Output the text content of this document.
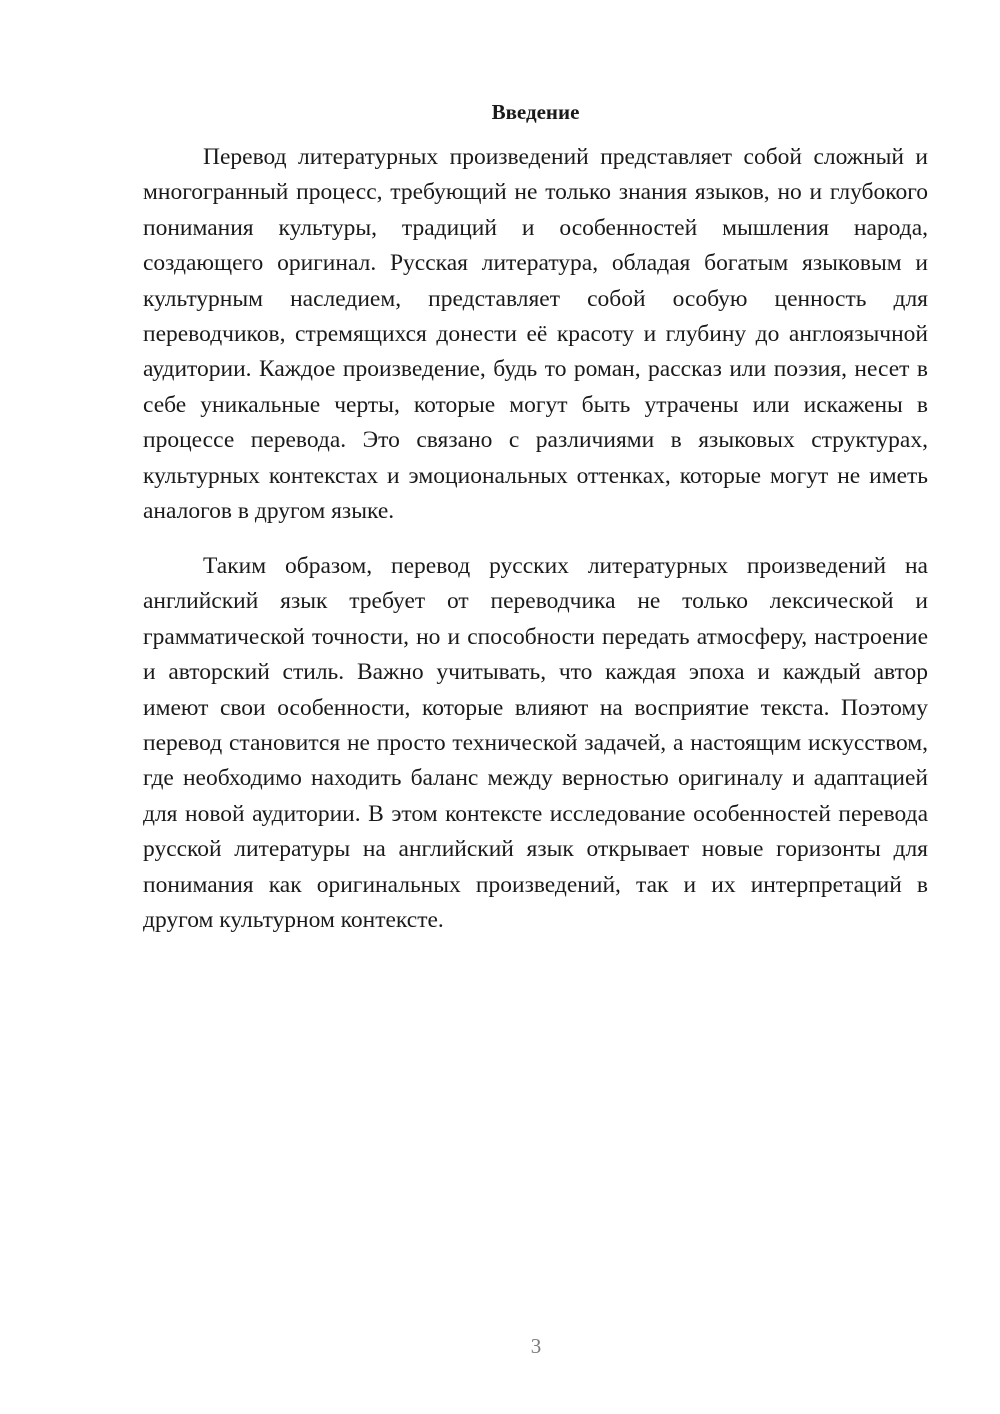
Введение

Перевод литературных произведений представляет собой сложный и многогранный процесс, требующий не только знания языков, но и глубокого понимания культуры, традиций и особенностей мышления народа, создающего оригинал. Русская литература, обладая богатым языковым и культурным наследием, представляет собой особую ценность для переводчиков, стремящихся донести её красоту и глубину до англоязычной аудитории. Каждое произведение, будь то роман, рассказ или поэзия, несет в себе уникальные черты, которые могут быть утрачены или искажены в процессе перевода. Это связано с различиями в языковых структурах, культурных контекстах и эмоциональных оттенках, которые могут не иметь аналогов в другом языке.

Таким образом, перевод русских литературных произведений на английский язык требует от переводчика не только лексической и грамматической точности, но и способности передать атмосферу, настроение и авторский стиль. Важно учитывать, что каждая эпоха и каждый автор имеют свои особенности, которые влияют на восприятие текста. Поэтому перевод становится не просто технической задачей, а настоящим искусством, где необходимо находить баланс между верностью оригиналу и адаптацией для новой аудитории. В этом контексте исследование особенностей перевода русской литературы на английский язык открывает новые горизонты для понимания как оригинальных произведений, так и их интерпретаций в другом культурном контексте.

3
